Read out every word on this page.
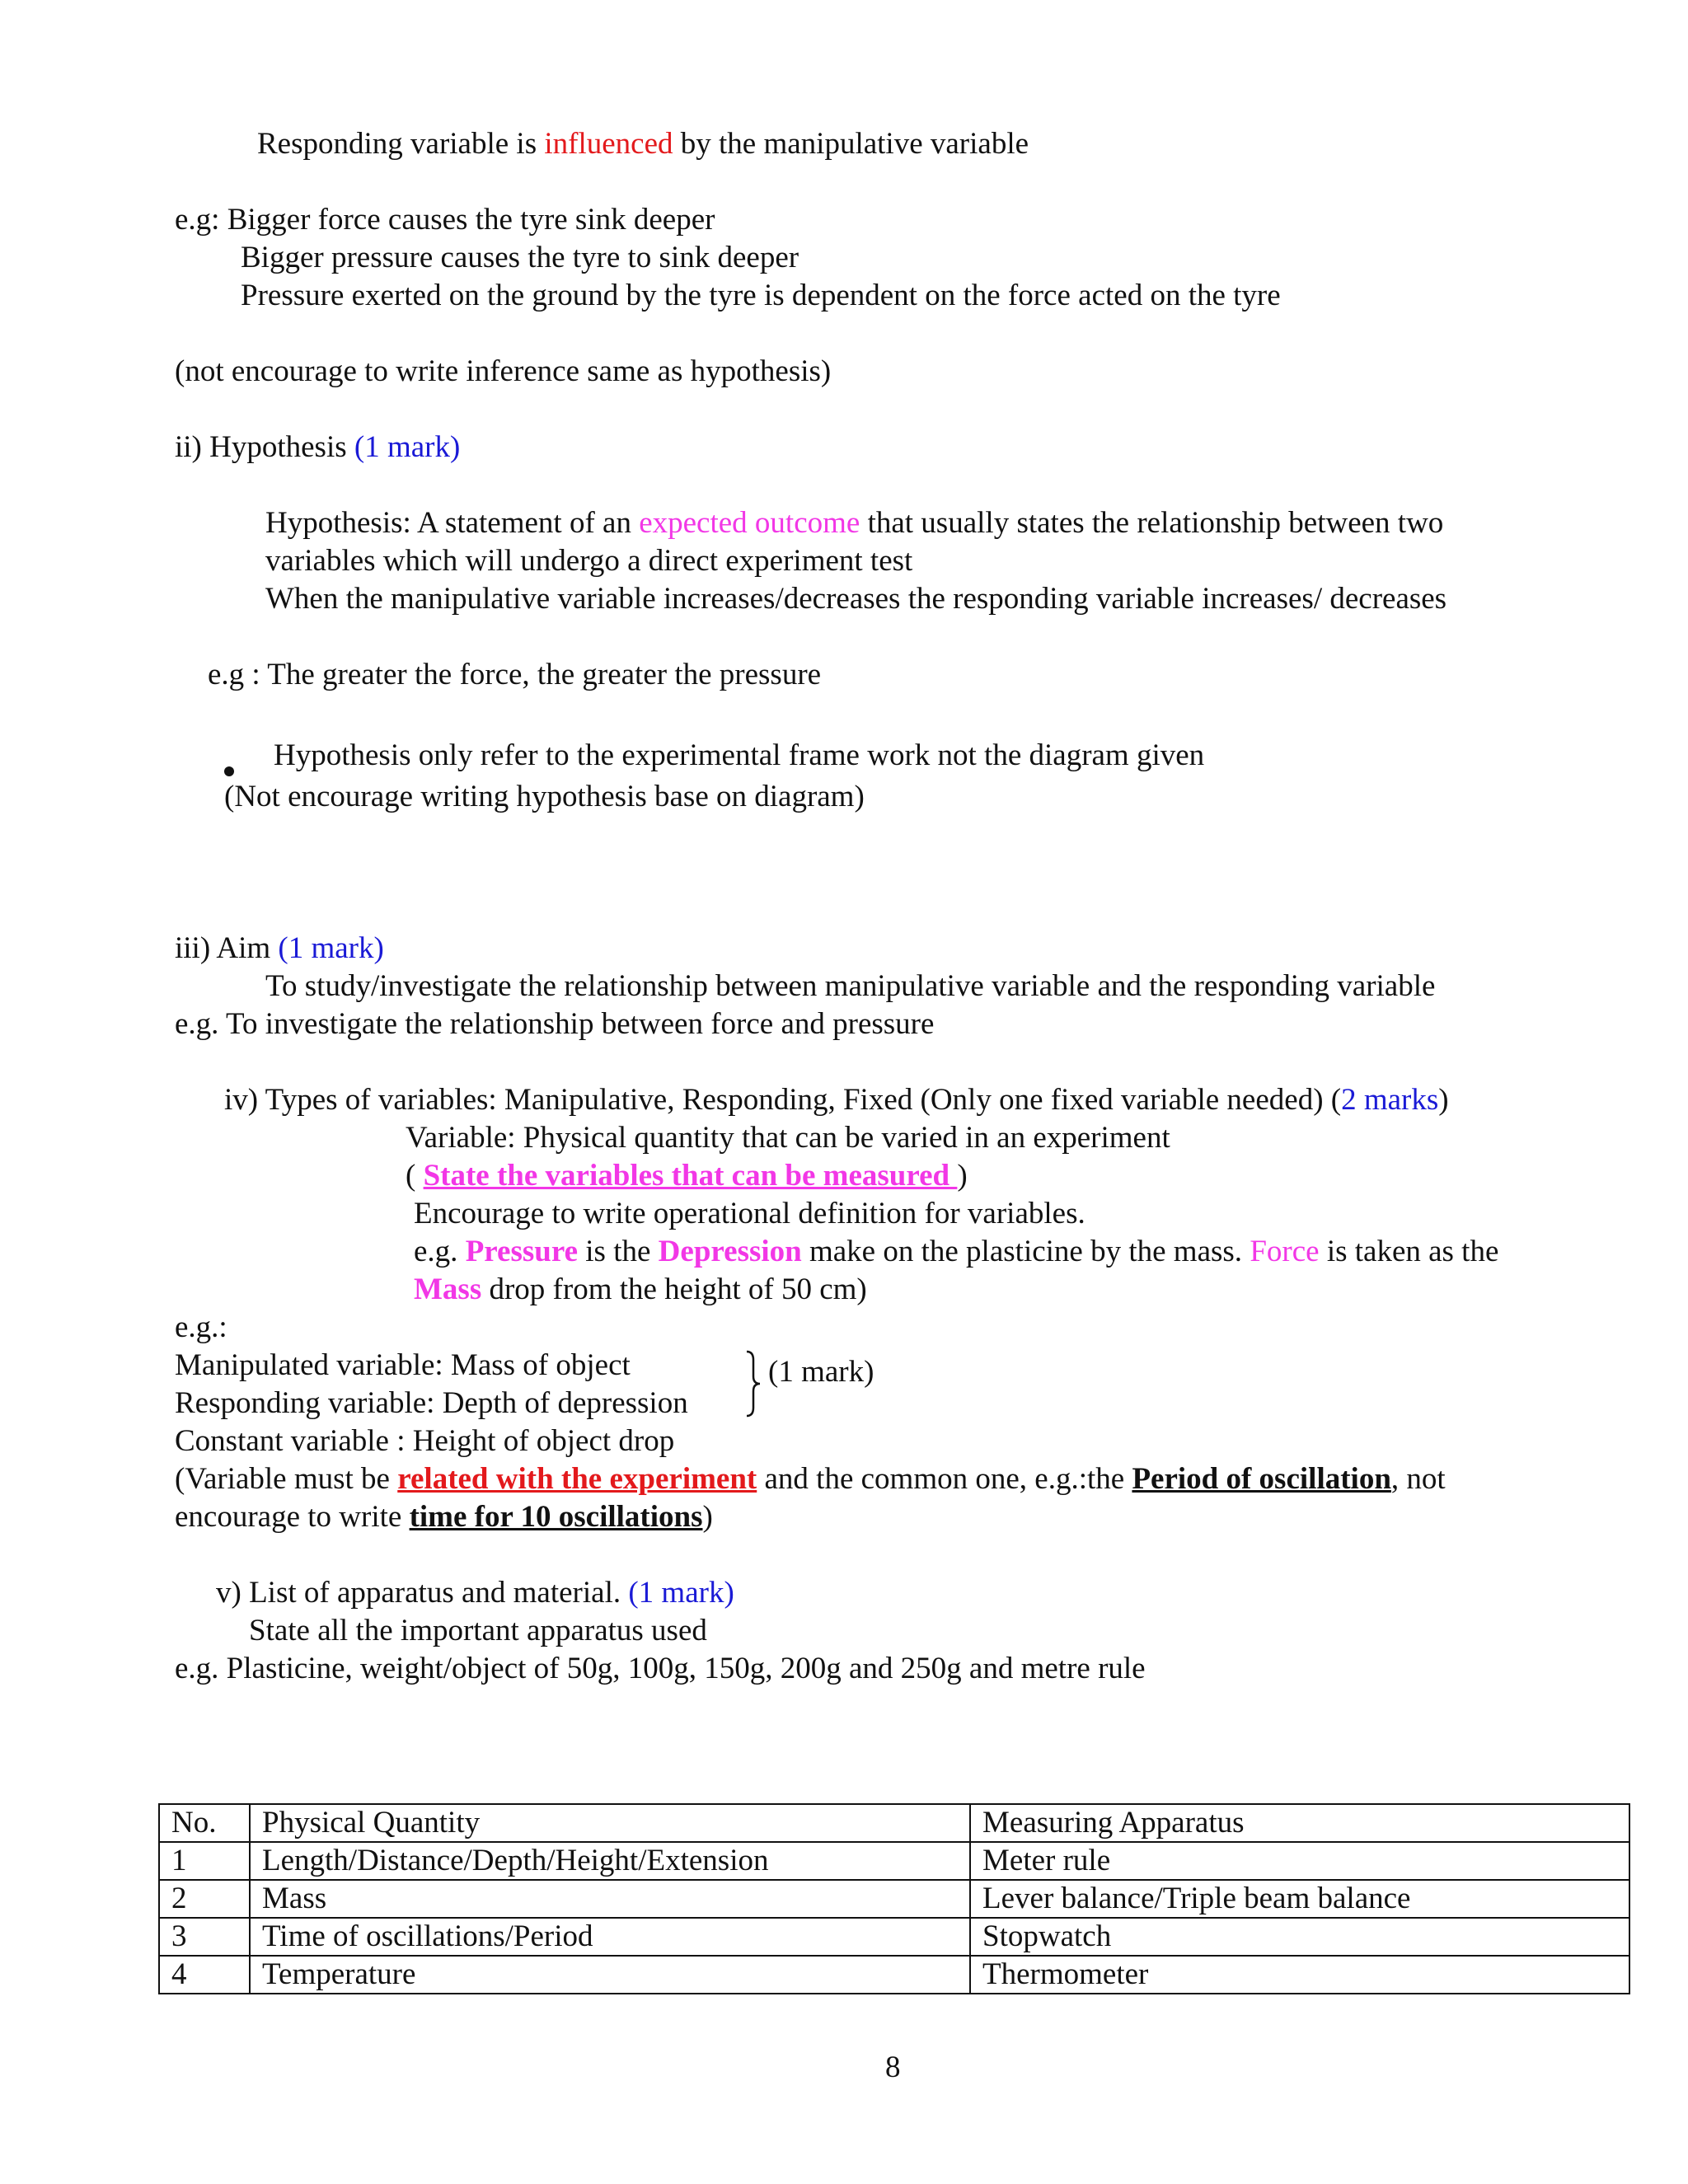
Responding variable is influenced by the manipulative variable
e.g: Bigger force causes the tyre sink deeper
Bigger pressure causes the tyre to sink deeper
Pressure exerted on the ground by the tyre is dependent on the force acted on the tyre
(not encourage to write inference same as hypothesis)
ii) Hypothesis (1 mark)
Hypothesis: A statement of an expected outcome that usually states the relationship between two
variables which will undergo a direct experiment test
When the manipulative variable increases/decreases the responding variable increases/ decreases
e.g : The greater the force, the greater the pressure
Hypothesis only refer to the experimental frame work not the diagram given
(Not encourage writing hypothesis base on diagram)
iii) Aim (1 mark)
To study/investigate the relationship between manipulative variable and the responding variable
e.g. To investigate the relationship between force and pressure
iv) Types of variables: Manipulative, Responding, Fixed (Only one fixed variable needed) (2 marks)
Variable: Physical quantity that can be varied in an experiment
( State the variables that can be measured )
Encourage to write operational definition for variables.
e.g. Pressure is the Depression make on the plasticine by the mass. Force is taken as the
Mass drop from the height of 50 cm)
e.g.:
Manipulated variable: Mass of object
Responding variable: Depth of depression
Constant variable : Height of object drop
(1 mark)
(Variable must be related with the experiment and the common one, e.g.:the Period of oscillation, not
encourage to write time for 10 oscillations)
v) List of apparatus and material. (1 mark)
State all the important apparatus used
e.g. Plasticine, weight/object of 50g, 100g, 150g, 200g and 250g and metre rule
No.	Physical Quantity	Measuring Apparatus
1	Length/Distance/Depth/Height/Extension	Meter rule
2	Mass	Lever balance/Triple beam balance
3	Time of oscillations/Period	Stopwatch
4	Temperature	Thermometer
8
